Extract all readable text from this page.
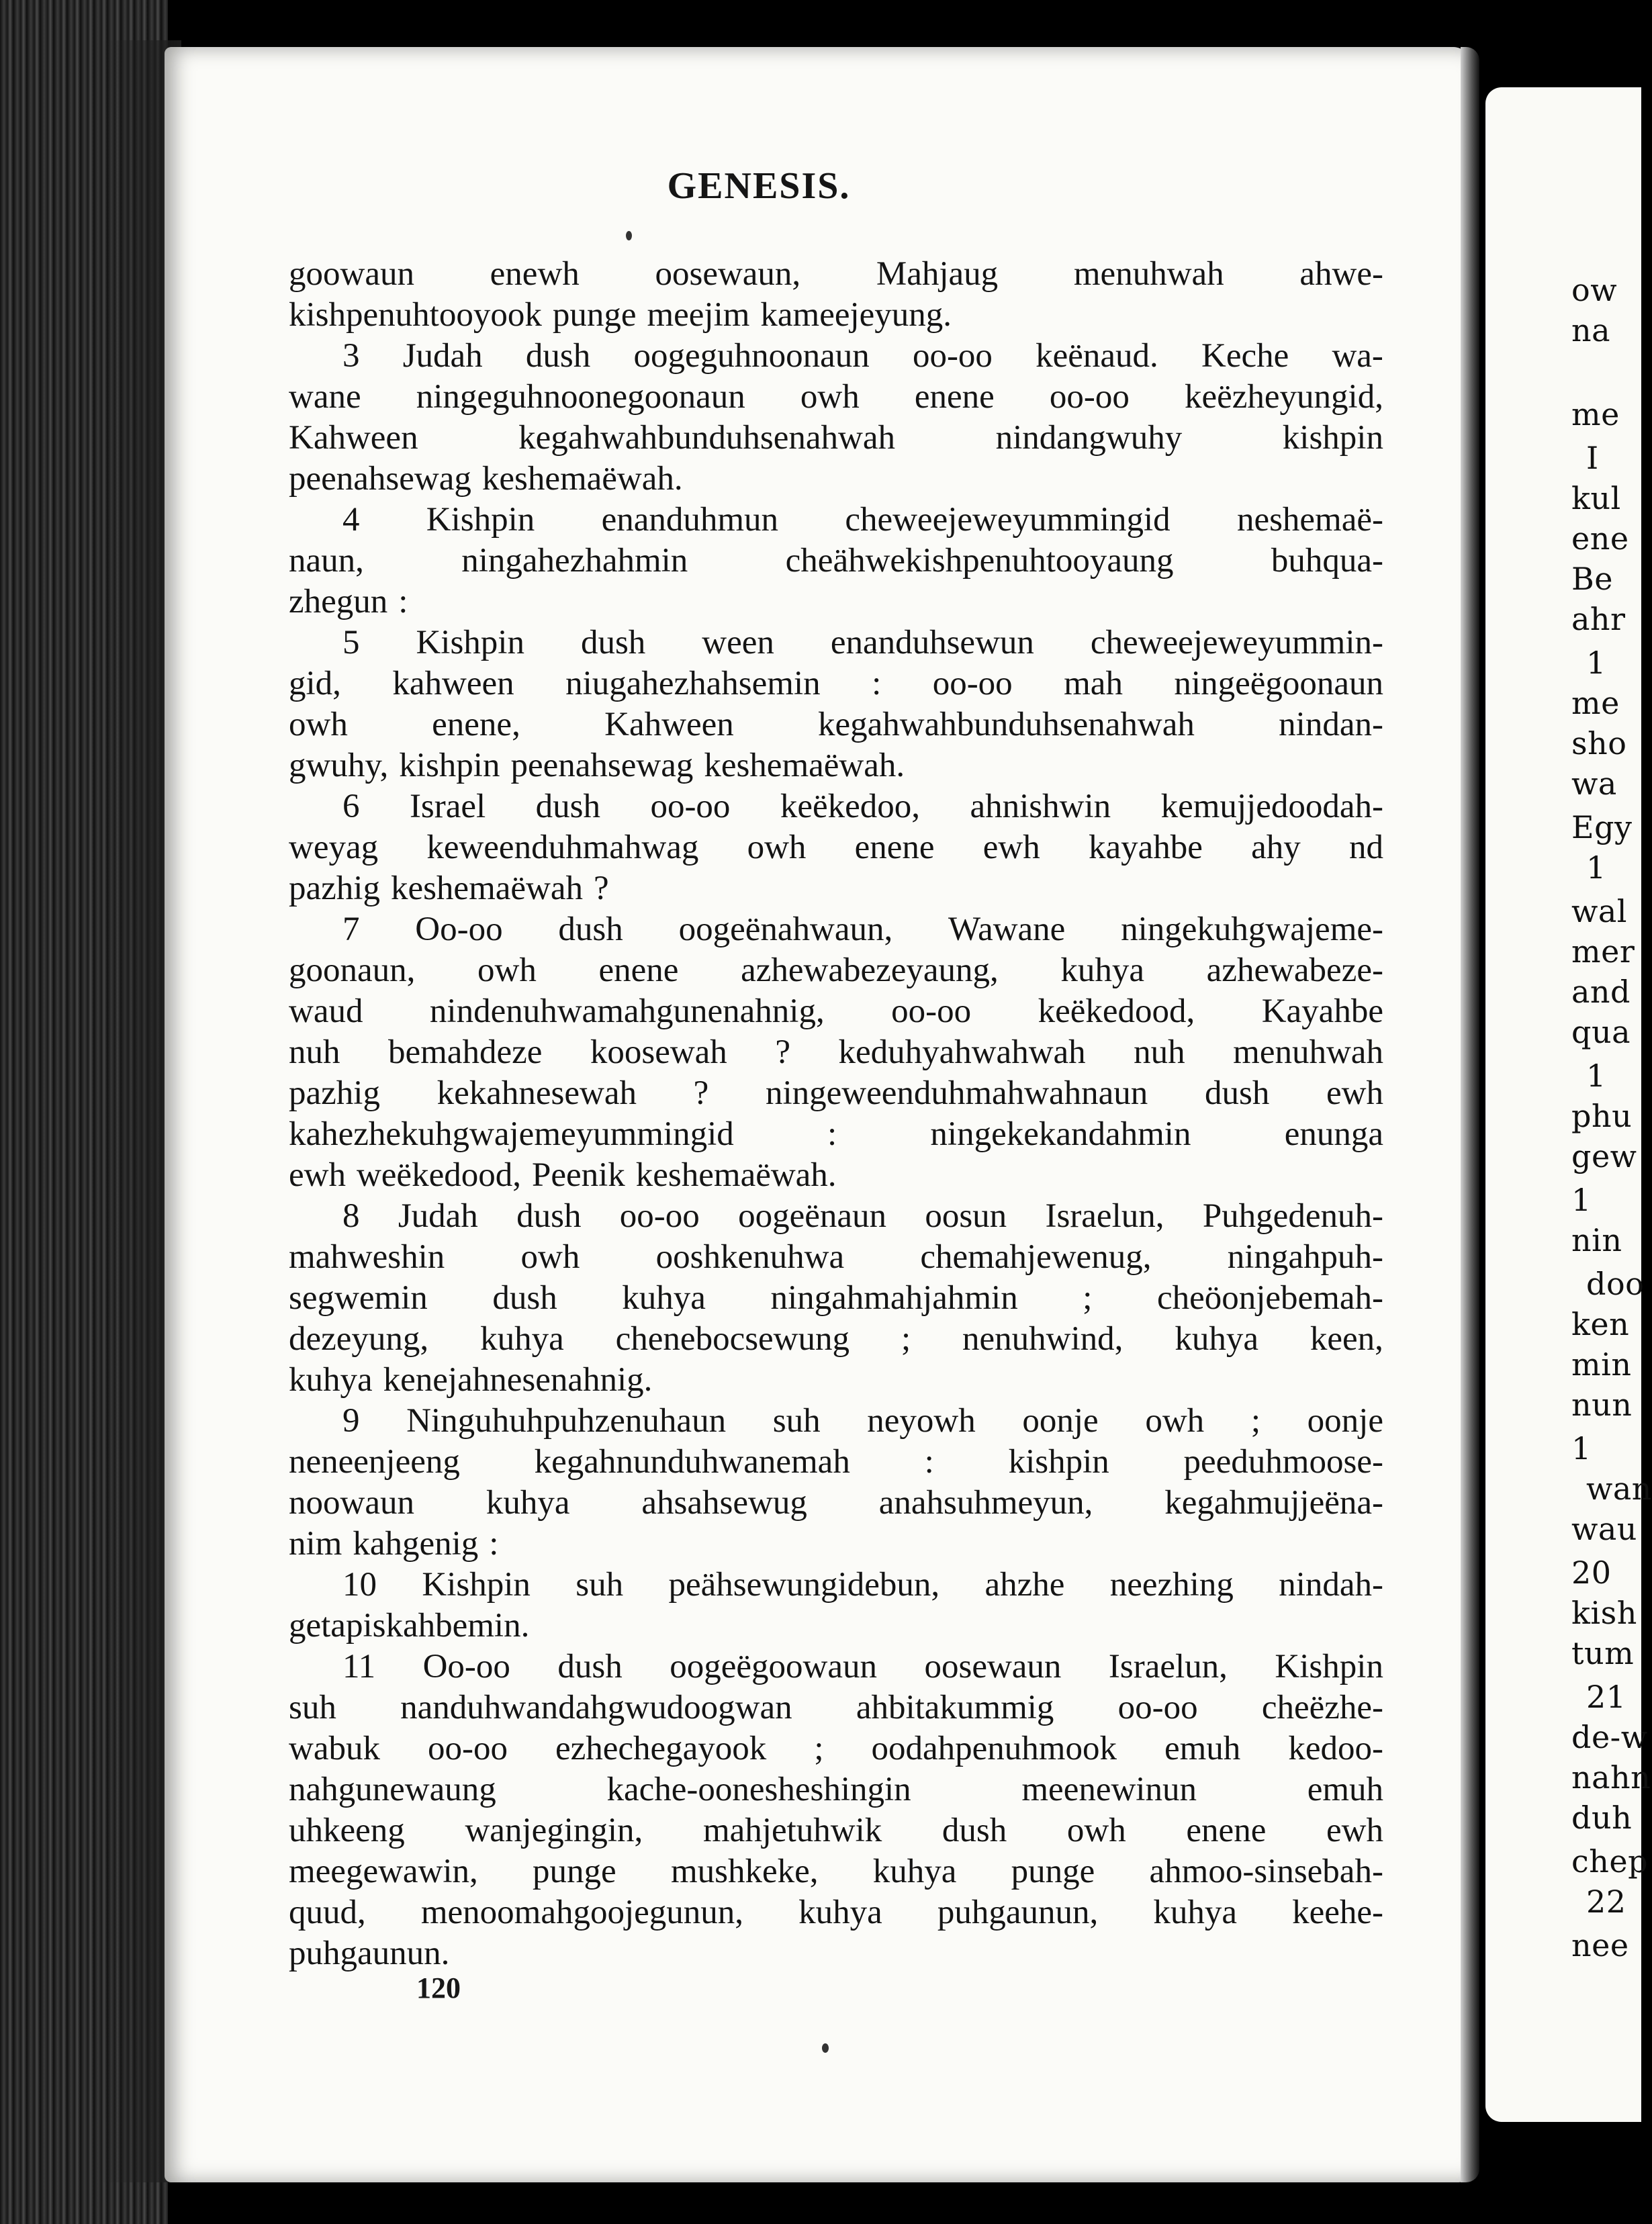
ow
na
me
I
kul
ene
Be
ahr
1
me
sho
wa
Egy
1
wal
mer
and
qua
1
phu
gew
1
nin
doo
ken
min
nun
1
wan
wau
20
kish
tum
21
de-w
nahn
duh
chep
22
nee
GENESIS.
goowaun enewh oosewaun, Mahjaug menuhwah ahwe-
kishpenuhtooyook punge meejim kameejeyung.
3 Judah dush oogeguhnoonaun oo-oo keënaud. Keche wa-
wane ningeguhnoonegoonaun owh enene oo-oo keëzheyungid,
Kahween	kegahwahbunduhsenahwah	nindangwuhy	kishpin
peenahsewag keshemaëwah.
4 Kishpin enanduhmun cheweejeweyummingid neshemaë-
naun,	ningahezhahmin	cheähwekishpenuhtooyaung	buhqua-
zhegun :
5 Kishpin dush ween enanduhsewun cheweejeweyummin-
gid, kahween niugahezhahsemin : oo-oo mah ningeëgoonaun
owh enene, Kahween kegahwahbunduhsenahwah nindan-
gwuhy, kishpin peenahsewag keshemaëwah.
6 Israel dush oo-oo keëkedoo, ahnishwin kemujjedoodah-
weyag keweenduhmahwag owh enene ewh kayahbe ahy nd
pazhig keshemaëwah ?
7 Oo-oo dush oogeënahwaun, Wawane ningekuhgwajeme-
goonaun, owh enene azhewabezeyaung, kuhya azhewabeze-
waud nindenuhwamahgunenahnig, oo-oo keëkedood, Kayahbe
nuh bemahdeze koosewah ? keduhyahwahwah nuh menuhwah
pazhig kekahnesewah ? ningeweenduhmahwahnaun dush ewh
kahezhekuhgwajemeyummingid	:	ningekekandahmin	enunga
ewh weëkedood, Peenik keshemaëwah.
8 Judah dush oo-oo oogeënaun oosun Israelun, Puhgedenuh-
mahweshin owh ooshkenuhwa chemahjewenug, ningahpuh-
segwemin dush kuhya ningahmahjahmin ; cheöonjebemah-
dezeyung, kuhya chenebocsewung ; nenuhwind, kuhya keen,
kuhya kenejahnesenahnig.
9 Ninguhuhpuhzenuhaun suh neyowh oonje owh ; oonje
neneenjeeng kegahnunduhwanemah : kishpin peeduhmoose-
noowaun kuhya ahsahsewug anahsuhmeyun, kegahmujjeëna-
nim kahgenig :
10 Kishpin suh peähsewungidebun, ahzhe neezhing nindah-
getapiskahbemin.
11 Oo-oo dush oogeëgoowaun oosewaun Israelun, Kishpin
suh nanduhwandahgwudoogwan ahbitakummig oo-oo cheëzhe-
wabuk oo-oo ezhechegayook ; oodahpenuhmook emuh kedoo-
nahgunewaung	kache-oonesheshingin	meenewinun	emuh
uhkeeng wanjegingin, mahjetuhwik dush owh enene ewh
meegewawin, punge mushkeke, kuhya punge ahmoo-sinsebah-
quud, menoomahgoojegunun, kuhya puhgaunun, kuhya keehe-
puhgaunun.
120
